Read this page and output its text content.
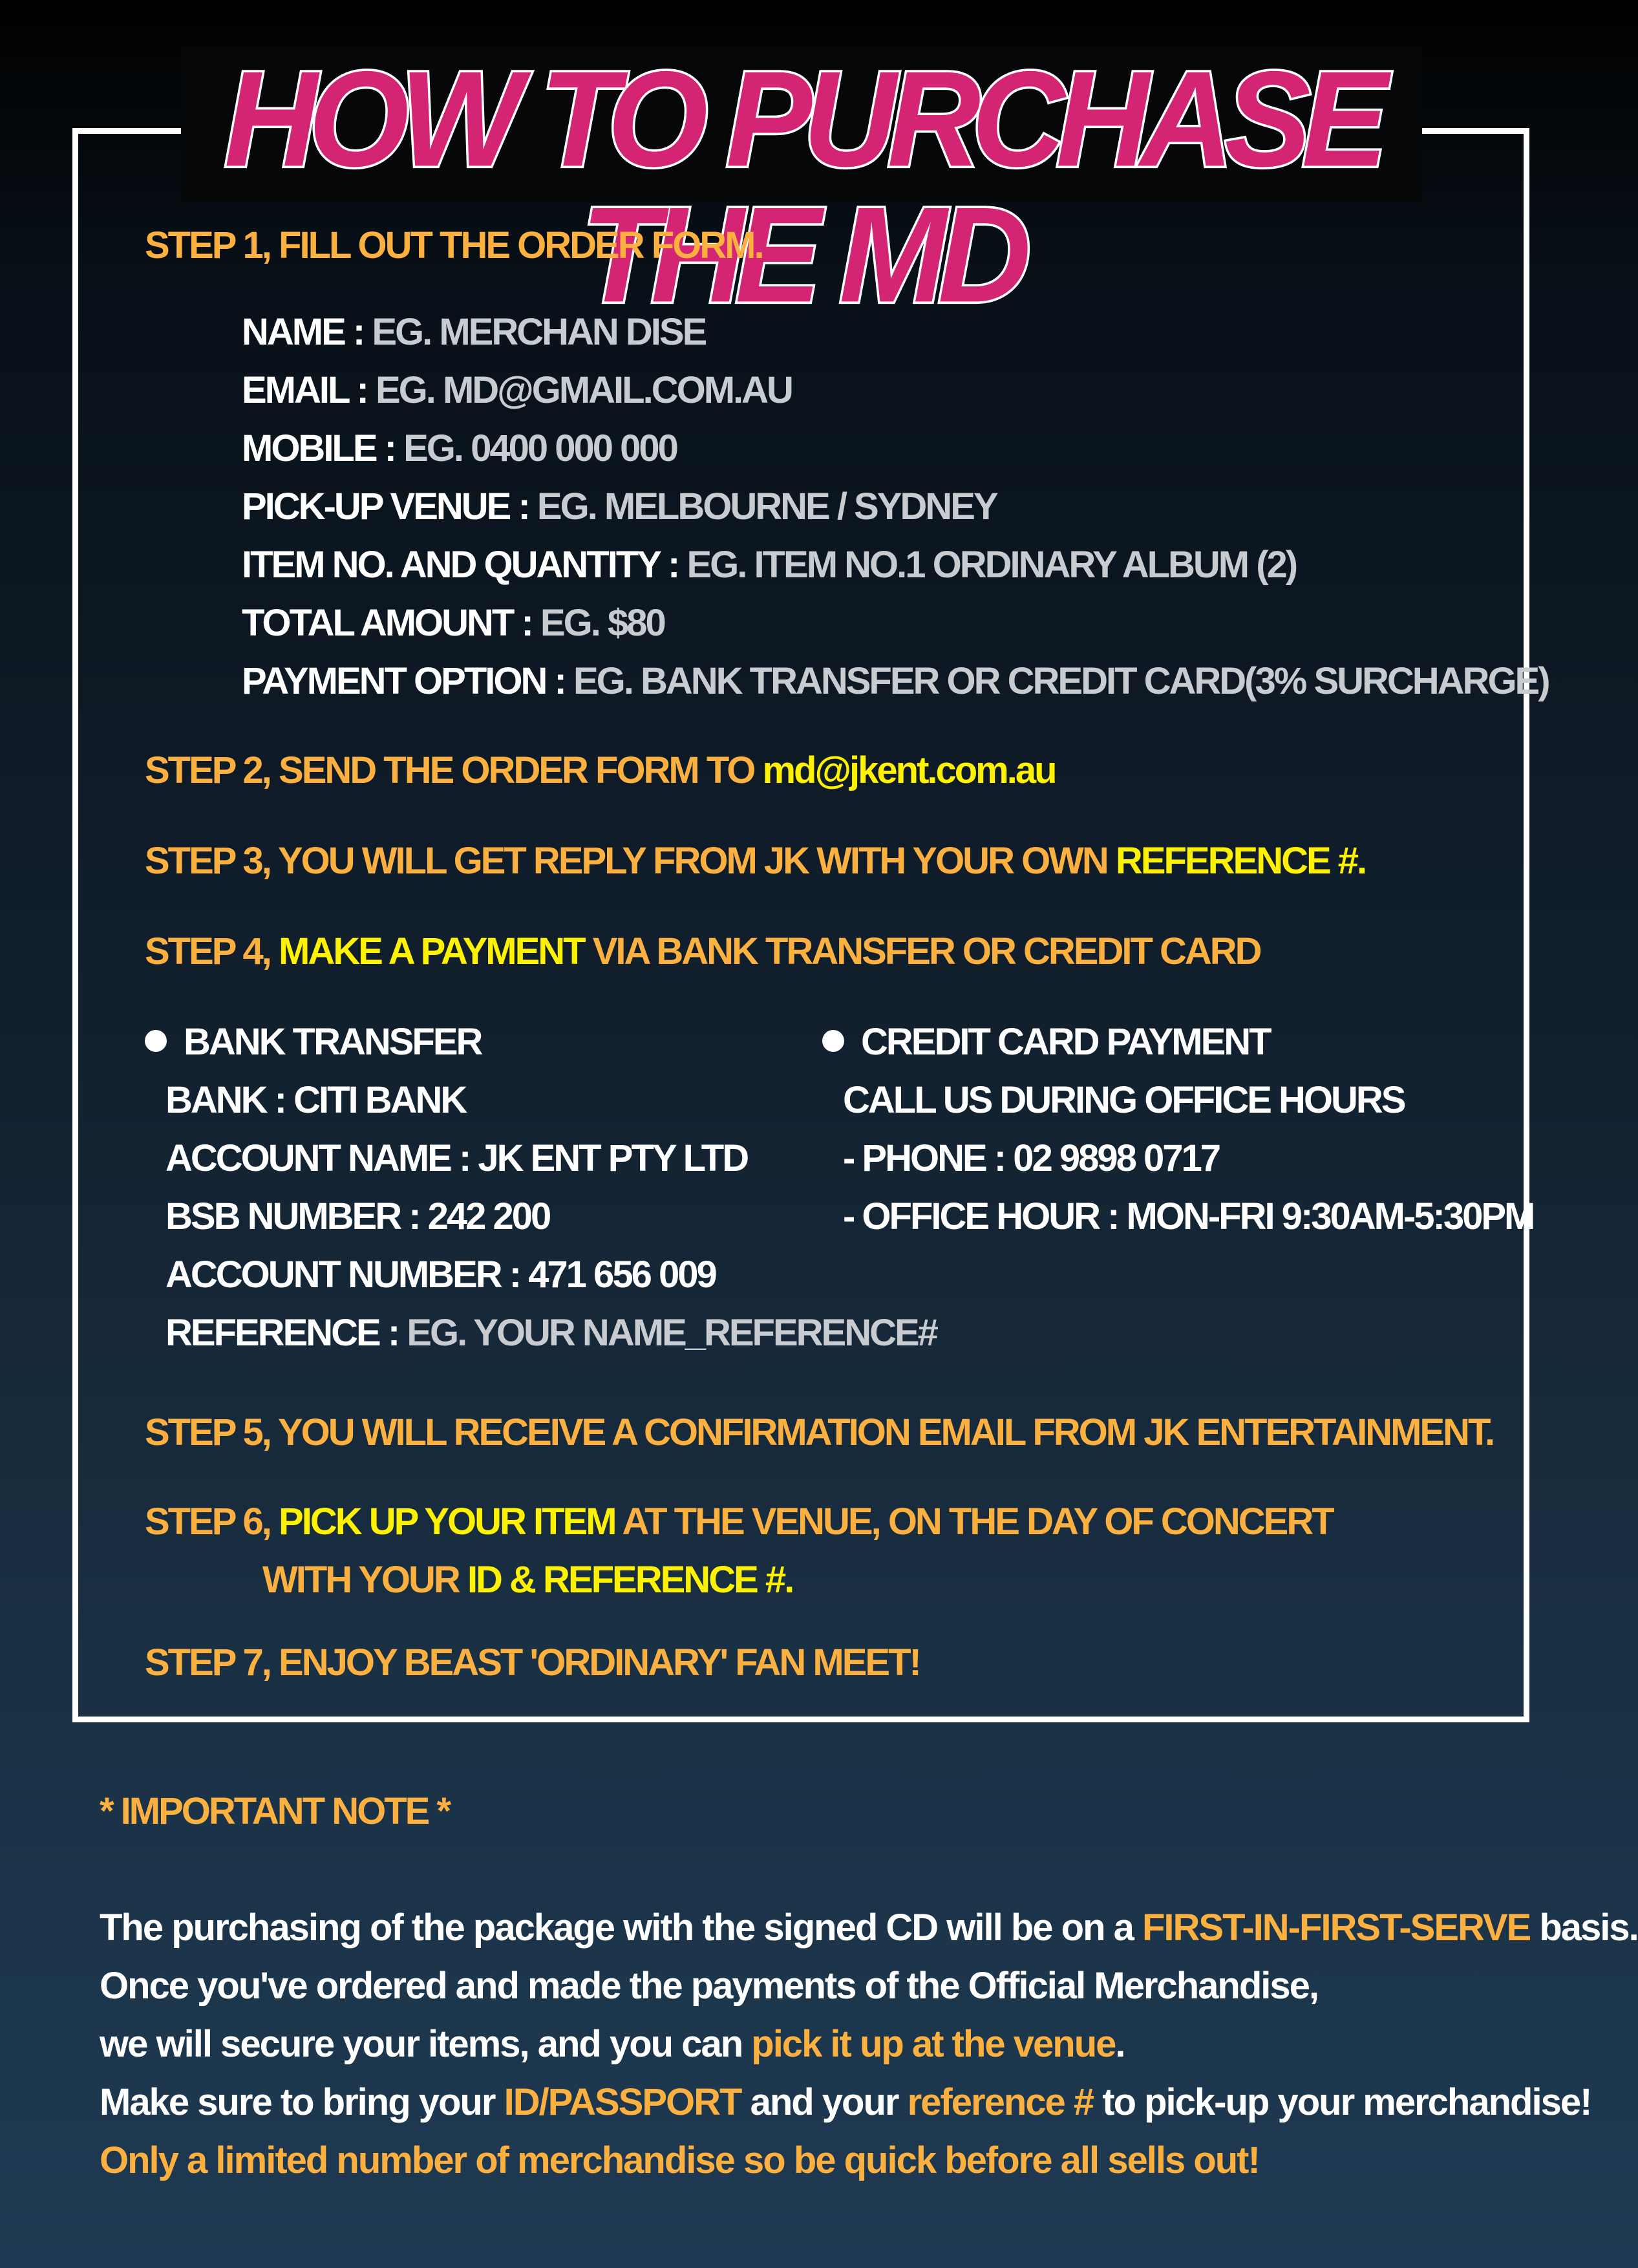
HOW TO PURCHASE THE MD
STEP 1, FILL OUT THE ORDER FORM.
NAME : EG. MERCHAN DISE
EMAIL : EG. MD@GMAIL.COM.AU
MOBILE : EG. 0400 000 000
PICK-UP VENUE : EG. MELBOURNE / SYDNEY
ITEM NO. AND QUANTITY : EG. ITEM NO.1 ORDINARY ALBUM (2)
TOTAL AMOUNT : EG. $80
PAYMENT OPTION : EG. BANK TRANSFER OR CREDIT CARD(3% SURCHARGE)
STEP 2, SEND THE ORDER FORM TO md@jkent.com.au
STEP 3, YOU WILL GET REPLY FROM JK WITH YOUR OWN REFERENCE #.
STEP 4, MAKE A PAYMENT VIA BANK TRANSFER OR CREDIT CARD
BANK TRANSFER
BANK : CITI BANK
ACCOUNT NAME : JK ENT PTY LTD
BSB NUMBER : 242 200
ACCOUNT NUMBER : 471 656 009
REFERENCE : EG. YOUR NAME_REFERENCE#
CREDIT CARD PAYMENT
CALL US DURING OFFICE HOURS
- PHONE : 02 9898 0717
- OFFICE HOUR : MON-FRI 9:30AM-5:30PM
STEP 5, YOU WILL RECEIVE A CONFIRMATION EMAIL FROM JK ENTERTAINMENT.
STEP 6, PICK UP YOUR ITEM AT THE VENUE, ON THE DAY OF CONCERT
WITH YOUR ID & REFERENCE #.
STEP 7, ENJOY BEAST 'ORDINARY' FAN MEET!
* IMPORTANT NOTE *
The purchasing of the package with the signed CD will be on a FIRST-IN-FIRST-SERVE basis.
Once you've ordered and made the payments of the Official Merchandise,
we will secure your items, and you can pick it up at the venue.
Make sure to bring your ID/PASSPORT and your reference # to pick-up your merchandise!
Only a limited number of merchandise so be quick before all sells out!
